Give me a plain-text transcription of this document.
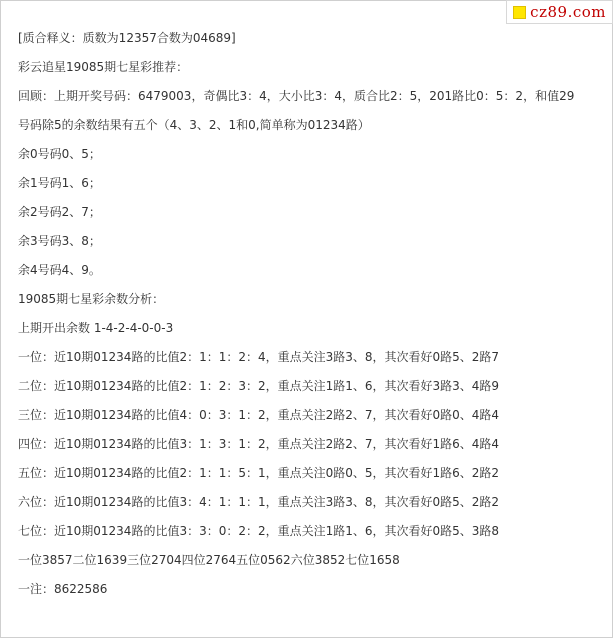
cz89.com

[质合释义：质数为12357合数为04689]

彩云追星19085期七星彩推荐：

回顾：上期开奖号码：6479003，奇偶比3：4，大小比3：4，质合比2：5，201路比0：5：2，和值29

号码除5的余数结果有五个（4、3、2、1和0,简单称为01234路）

余0号码0、5；

余1号码1、6；

余2号码2、7；

余3号码3、8；

余4号码4、9。

19085期七星彩余数分析：

上期开出余数 1-4-2-4-0-0-3

一位：近10期01234路的比值2：1：1：2：4，重点关注3路3、8，其次看好0路5、2路7

二位：近10期01234路的比值2：1：2：3：2，重点关注1路1、6，其次看好3路3、4路9

三位：近10期01234路的比值4：0：3：1：2，重点关注2路2、7，其次看好0路0、4路4

四位：近10期01234路的比值3：1：3：1：2，重点关注2路2、7，其次看好1路6、4路4

五位：近10期01234路的比值2：1：1：5：1，重点关注0路0、5，其次看好1路6、2路2

六位：近10期01234路的比值3：4：1：1：1，重点关注3路3、8，其次看好0路5、2路2

七位：近10期01234路的比值3：3：0：2：2，重点关注1路1、6，其次看好0路5、3路8

一位3857二位1639三位2704四位2764五位0562六位3852七位1658

一注：8622586
